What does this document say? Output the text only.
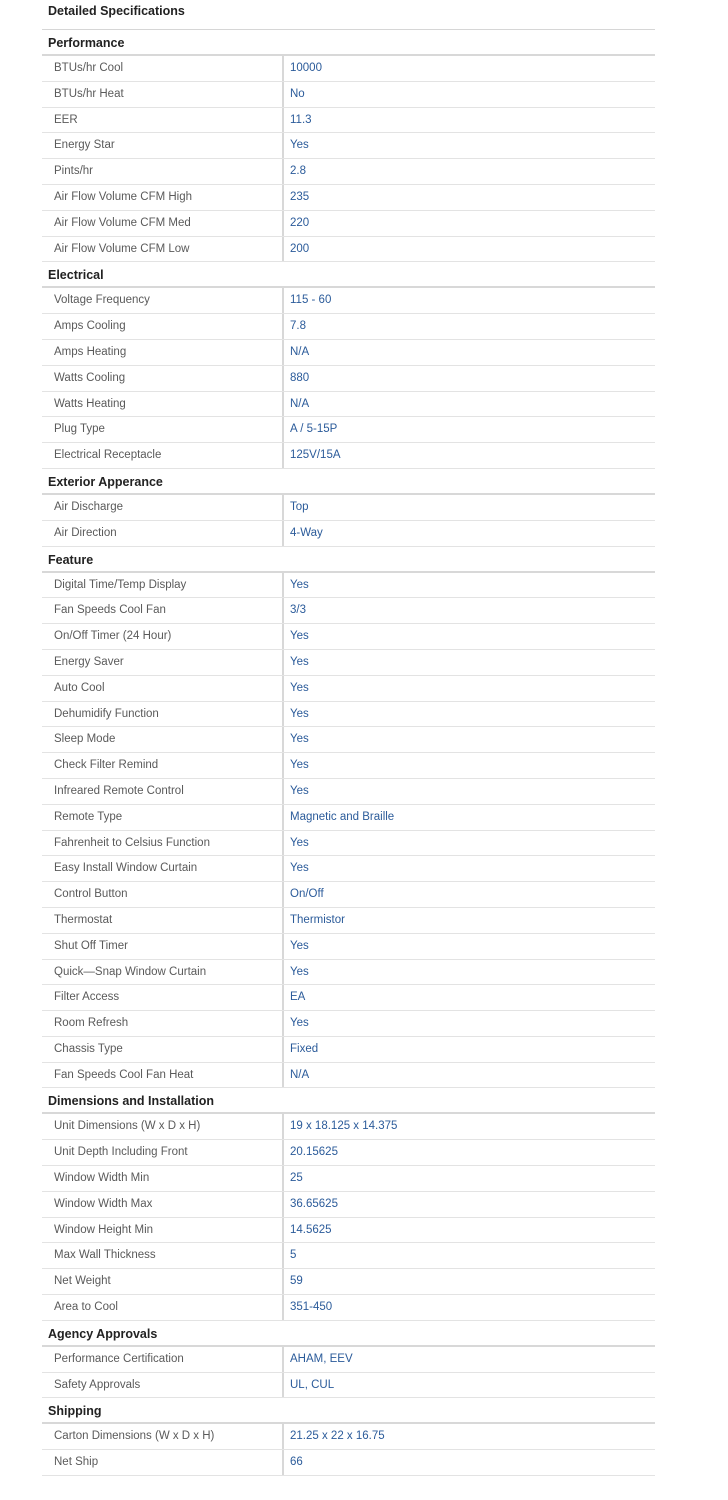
Detailed Specifications
Performance
BTUs/hr Cool	10000
BTUs/hr Heat	No
EER	11.3
Energy Star	Yes
Pints/hr	2.8
Air Flow Volume CFM High	235
Air Flow Volume CFM Med	220
Air Flow Volume CFM Low	200
Electrical
Voltage Frequency	115 - 60
Amps Cooling	7.8
Amps Heating	N/A
Watts Cooling	880
Watts Heating	N/A
Plug Type	A / 5-15P
Electrical Receptacle	125V/15A
Exterior Apperance
Air Discharge	Top
Air Direction	4-Way
Feature
Digital Time/Temp Display	Yes
Fan Speeds Cool Fan	3/3
On/Off Timer (24 Hour)	Yes
Energy Saver	Yes
Auto Cool	Yes
Dehumidify Function	Yes
Sleep Mode	Yes
Check Filter Remind	Yes
Infreared Remote Control	Yes
Remote Type	Magnetic and Braille
Fahrenheit to Celsius Function	Yes
Easy Install Window Curtain	Yes
Control Button	On/Off
Thermostat	Thermistor
Shut Off Timer	Yes
Quick—Snap Window Curtain	Yes
Filter Access	EA
Room Refresh	Yes
Chassis Type	Fixed
Fan Speeds Cool Fan Heat	N/A
Dimensions and Installation
Unit Dimensions (W x D x H)	19 x 18.125 x 14.375
Unit Depth Including Front	20.15625
Window Width Min	25
Window Width Max	36.65625
Window Height Min	14.5625
Max Wall Thickness	5
Net Weight	59
Area to Cool	351-450
Agency Approvals
Performance Certification	AHAM, EEV
Safety Approvals	UL, CUL
Shipping
Carton Dimensions (W x D x H)	21.25 x 22 x 16.75
Net Ship	66
